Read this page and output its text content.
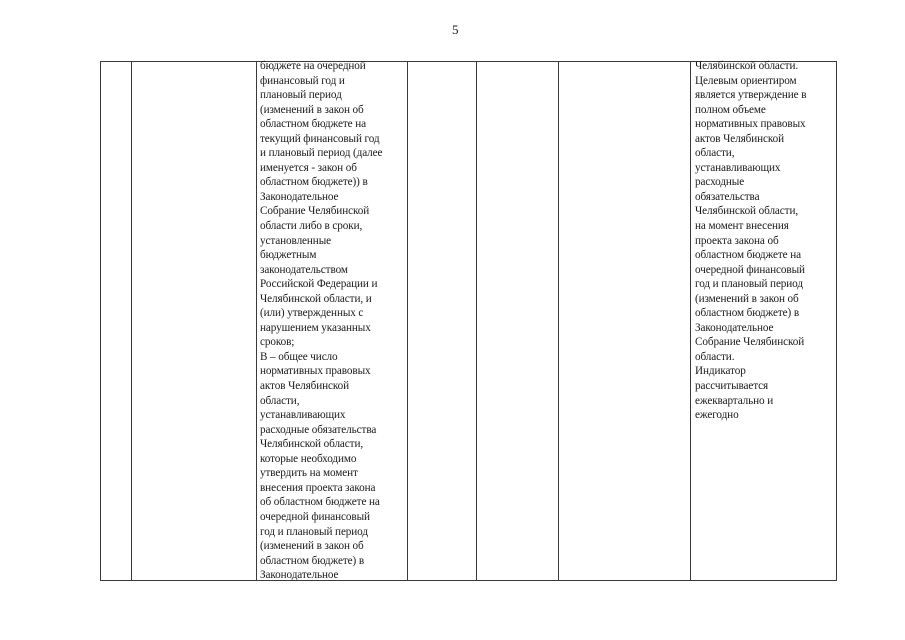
5
бюджете на очередной
финансовый год и
плановый период
(изменений в закон об
областном бюджете на
текущий финансовый год
и плановый период (далее
именуется - закон об
областном бюджете)) в
Законодательное
Собрание Челябинской
области либо в сроки,
установленные
бюджетным
законодательством
Российской Федерации и
Челябинской области, и
(или) утвержденных с
нарушением указанных
сроков;
В – общее число
нормативных правовых
актов Челябинской
области,
устанавливающих
расходные обязательства
Челябинской области,
которые необходимо
утвердить на момент
внесения проекта закона
об областном бюджете на
очередной финансовый
год и плановый период
(изменений в закон об
областном бюджете) в
Законодательное
Челябинской области.
Целевым ориентиром
является утверждение в
полном объеме
нормативных правовых
актов Челябинской
области,
устанавливающих
расходные
обязательства
Челябинской области,
на момент внесения
проекта закона об
областном бюджете на
очередной финансовый
год и плановый период
(изменений в закон об
областном бюджете) в
Законодательное
Собрание Челябинской
области.
Индикатор
рассчитывается
ежеквартально и
ежегодно
